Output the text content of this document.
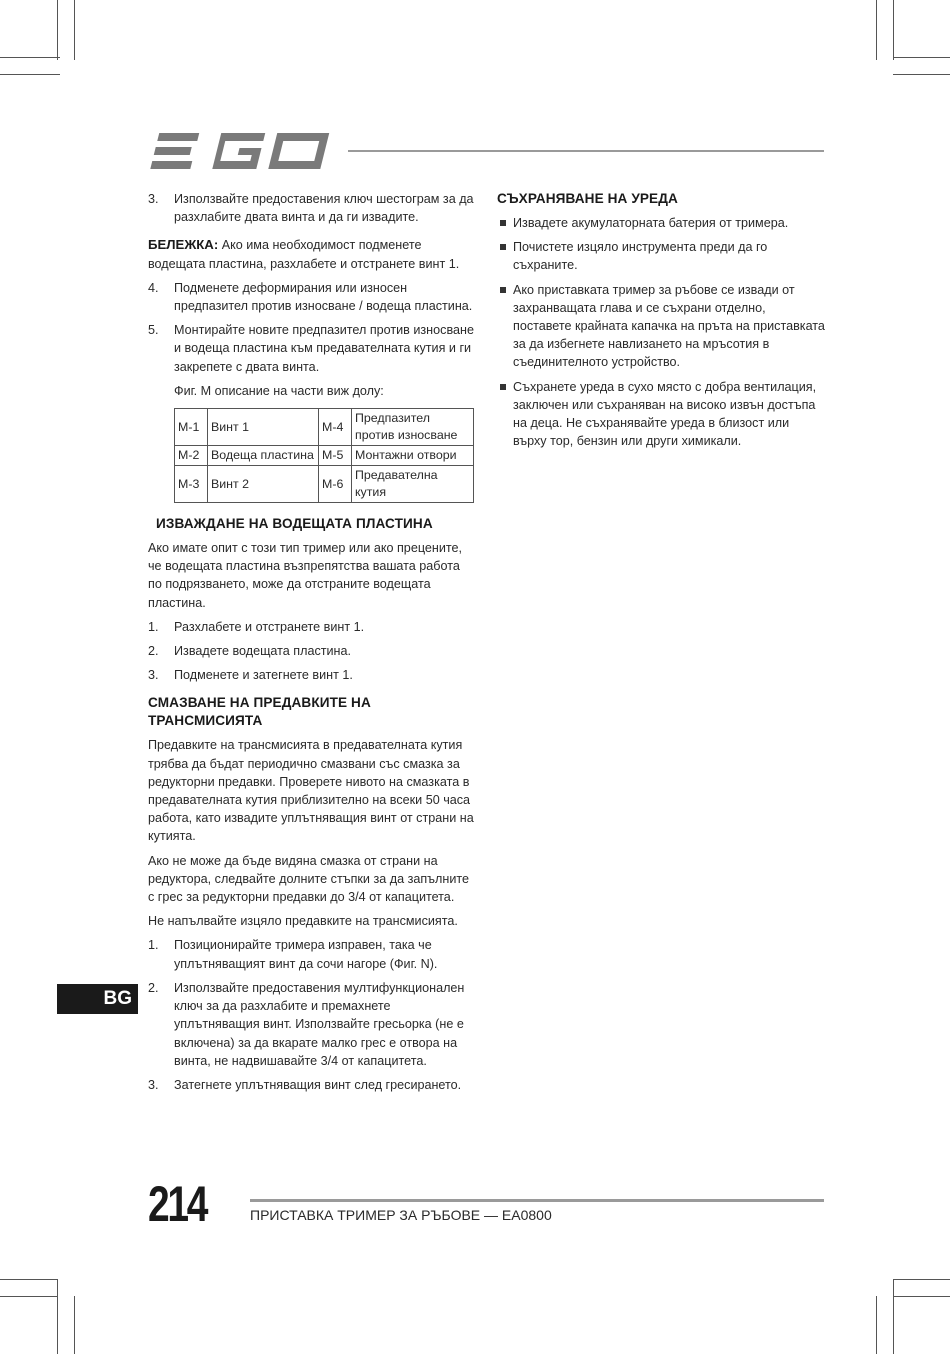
3. Използвайте предоставения ключ шестограм за да разхлабите двата винта и да ги извадите.

БЕЛЕЖКА: Ако има необходимост подменете водещата пластина, разхлабете и отстранете винт 1.

4. Подменете деформирания или износен предпазител против износване / водеща пластина.
5. Монтирайте новите предпазител против износване и водеща пластина към предавателната кутия и ги закрепете с двата винта.

Фиг. M описание на части виж долу:

M-1	Винт 1	M-4	Предпазител против износване
M-2	Водеща пластина	M-5	Монтажни отвори
M-3	Винт 2	M-6	Предавателна кутия
ИЗВАЖДАНЕ НА ВОДЕЩАТА ПЛАСТИНА

Ако имате опит с този тип тример или ако прецените, че водещата пластина възпрепятства вашата работа по подрязването, може да отстраните водещата пластина.

1. Разхлабете и отстранете винт 1.
2. Извадете водещата пластина.
3. Подменете и затегнете винт 1.
СМАЗВАНЕ НА ПРЕДАВКИТЕ НА ТРАНСМИСИЯТА

Предавките на трансмисията в предавателната кутия трябва да бъдат периодично смазвани със смазка за редукторни предавки. Проверете нивото на смазката в предавателната кутия приблизително на всеки 50 часа работа, като извадите уплътняващия винт от страни на кутията.

Ако не може да бъде видяна смазка от страни на редуктора, следвайте долните стъпки за да запълните с грес за редукторни предавки до 3/4 от капацитета.

Не напълвайте изцяло предавките на трансмисията.

1. Позиционирайте тримера изправен, така че уплътняващият винт да сочи нагоре (Фиг. N).
2. Използвайте предоставения мултифункционален ключ за да разхлабите и премахнете уплътняващия винт. Използвайте гресьорка (не е включена) за да вкарате малко грес е отвора на винта, не надвишавайте 3/4 от капацитета.
3. Затегнете уплътняващия винт след гресирането.
СЪХРАНЯВАНЕ НА УРЕДА
Извадете акумулаторната батерия от тримера.
Почистете изцяло инструмента преди да го съхраните.
Ако приставката тример за ръбове се извади от захранващата глава и се съхрани отделно, поставете крайната капачка на пръта на приставката за да избегнете навлизането на мръсотия в съединителното устройство.
Съхранете уреда в сухо място с добра вентилация, заключен или съхраняван на високо извън достъпа на деца. Не съхранявайте уреда в близост или върху тор, бензин или други химикали.
BG
214	ПРИСТАВКА ТРИМЕР ЗА РЪБОВЕ — EA0800
